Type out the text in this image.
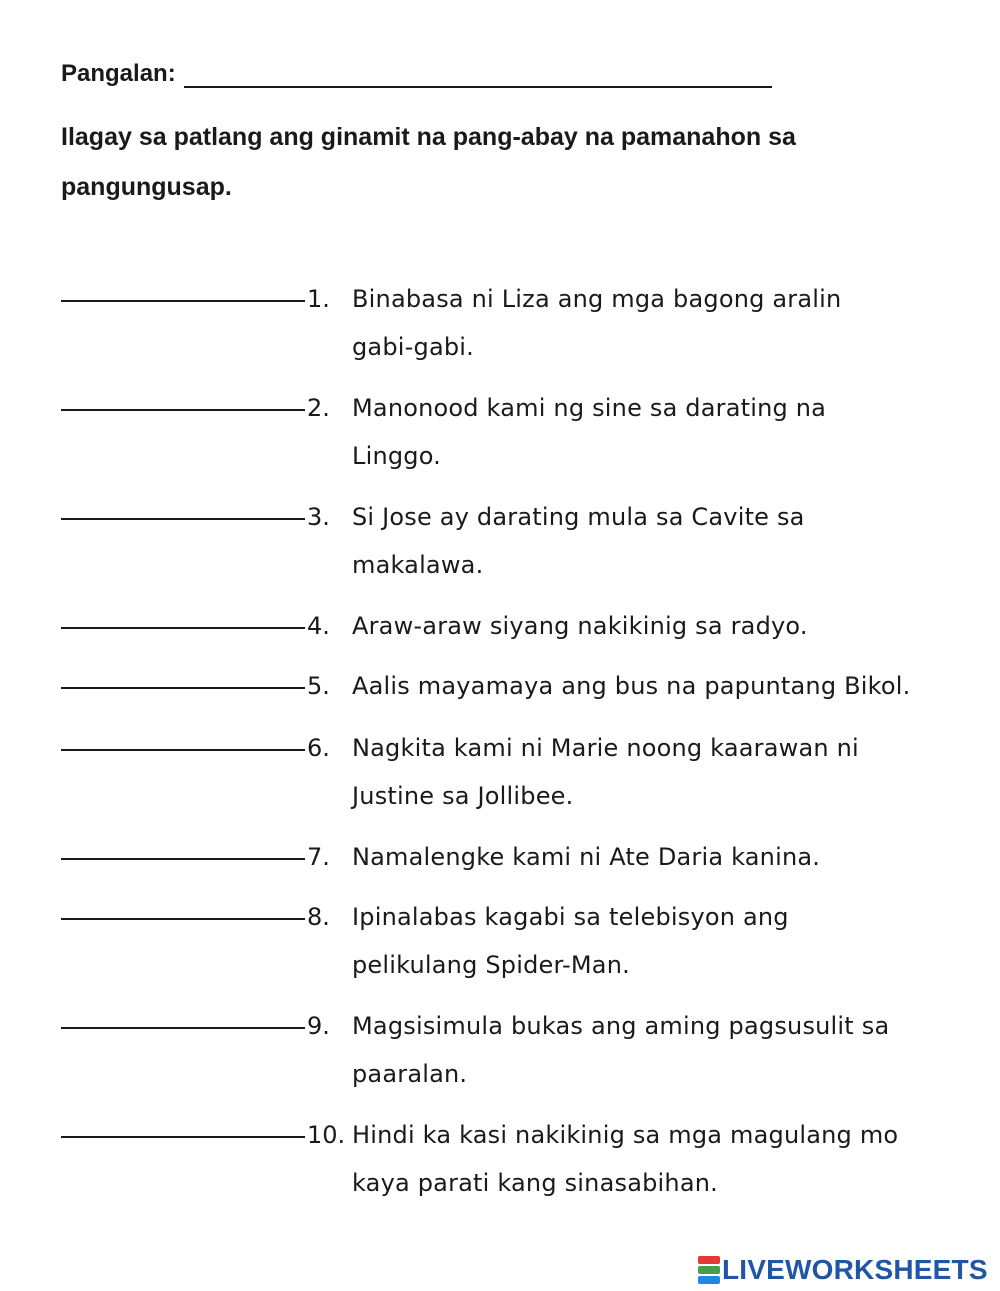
Pangalan:

Ilagay sa patlang ang ginamit na pang-abay na pamanahon sa pangungusap.

1. Binabasa ni Liza ang mga bagong aralin
gabi-gabi.

2. Manonood kami ng sine sa darating na
Linggo.

3. Si Jose ay darating mula sa Cavite sa
makalawa.

4. Araw-araw siyang nakikinig sa radyo.

5. Aalis mayamaya ang bus na papuntang Bikol.

6. Nagkita kami ni Marie noong kaarawan ni
Justine sa Jollibee.

7. Namalengke kami ni Ate Daria kanina.

8. Ipinalabas kagabi sa telebisyon ang
pelikulang Spider-Man.

9. Magsisimula bukas ang aming pagsusulit sa
paaralan.

10. Hindi ka kasi nakikinig sa mga magulang mo
kaya parati kang sinasabihan.

LIVEWORKSHEETS
